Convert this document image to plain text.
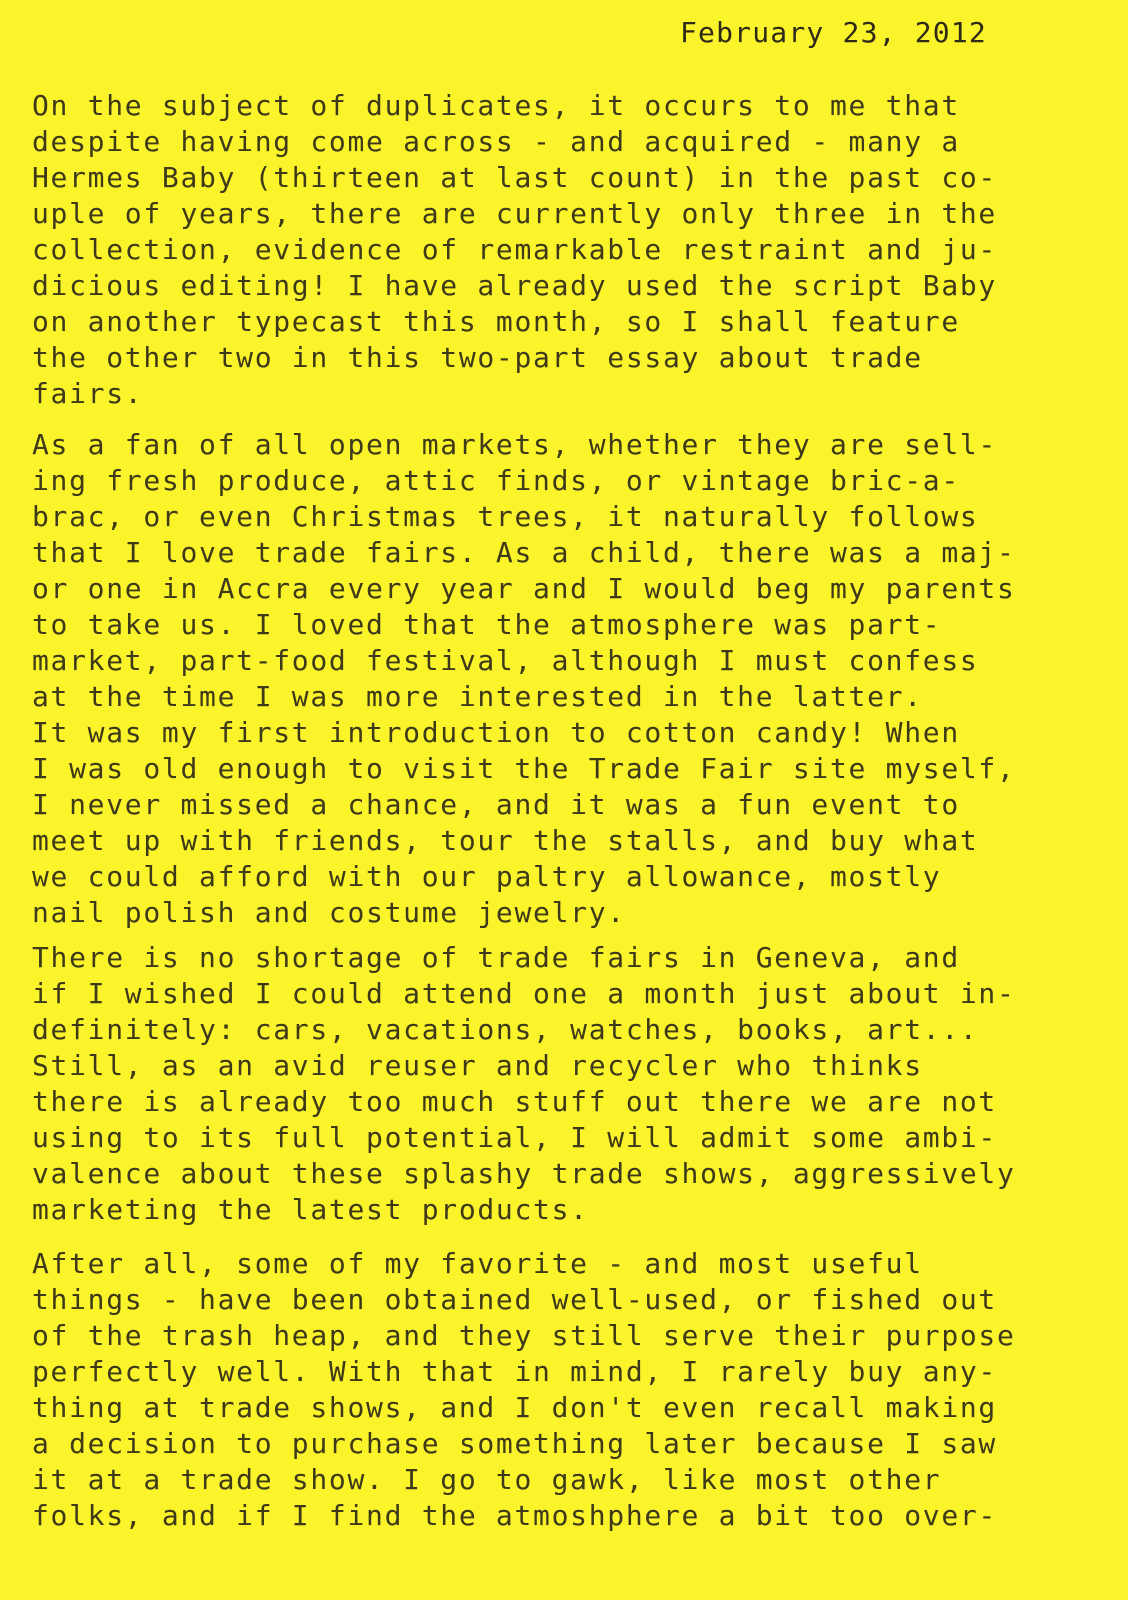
February 23, 2012
On the subject of duplicates, it occurs to me that
despite having come across - and acquired - many a
Hermes Baby (thirteen at last count) in the past co-
uple of years, there are currently only three in the
collection, evidence of remarkable restraint and ju-
dicious editing! I have already used the script Baby
on another typecast this month, so I shall feature
the other two in this two-part essay about trade
fairs.
As a fan of all open markets, whether they are sell-
ing fresh produce, attic finds, or vintage bric-a-
brac, or even Christmas trees, it naturally follows
that I love trade fairs. As a child, there was a maj-
or one in Accra every year and I would beg my parents
to take us. I loved that the atmosphere was part-
market, part-food festival, although I must confess
at the time I was more interested in the latter.
It was my first introduction to cotton candy! When
I was old enough to visit the Trade Fair site myself,
I never missed a chance, and it was a fun event to
meet up with friends, tour the stalls, and buy what
we could afford with our paltry allowance, mostly
nail polish and costume jewelry.
There is no shortage of trade fairs in Geneva, and
if I wished I could attend one a month just about in-
definitely: cars, vacations, watches, books, art...
Still, as an avid reuser and recycler who thinks
there is already too much stuff out there we are not
using to its full potential, I will admit some ambi-
valence about these splashy trade shows, aggressively
marketing the latest products.
After all, some of my favorite - and most useful
things - have been obtained well-used, or fished out
of the trash heap, and they still serve their purpose
perfectly well. With that in mind, I rarely buy any-
thing at trade shows, and I don't even recall making
a decision to purchase something later because I saw
it at a trade show. I go to gawk, like most other
folks, and if I find the atmoshphere a bit too over-
